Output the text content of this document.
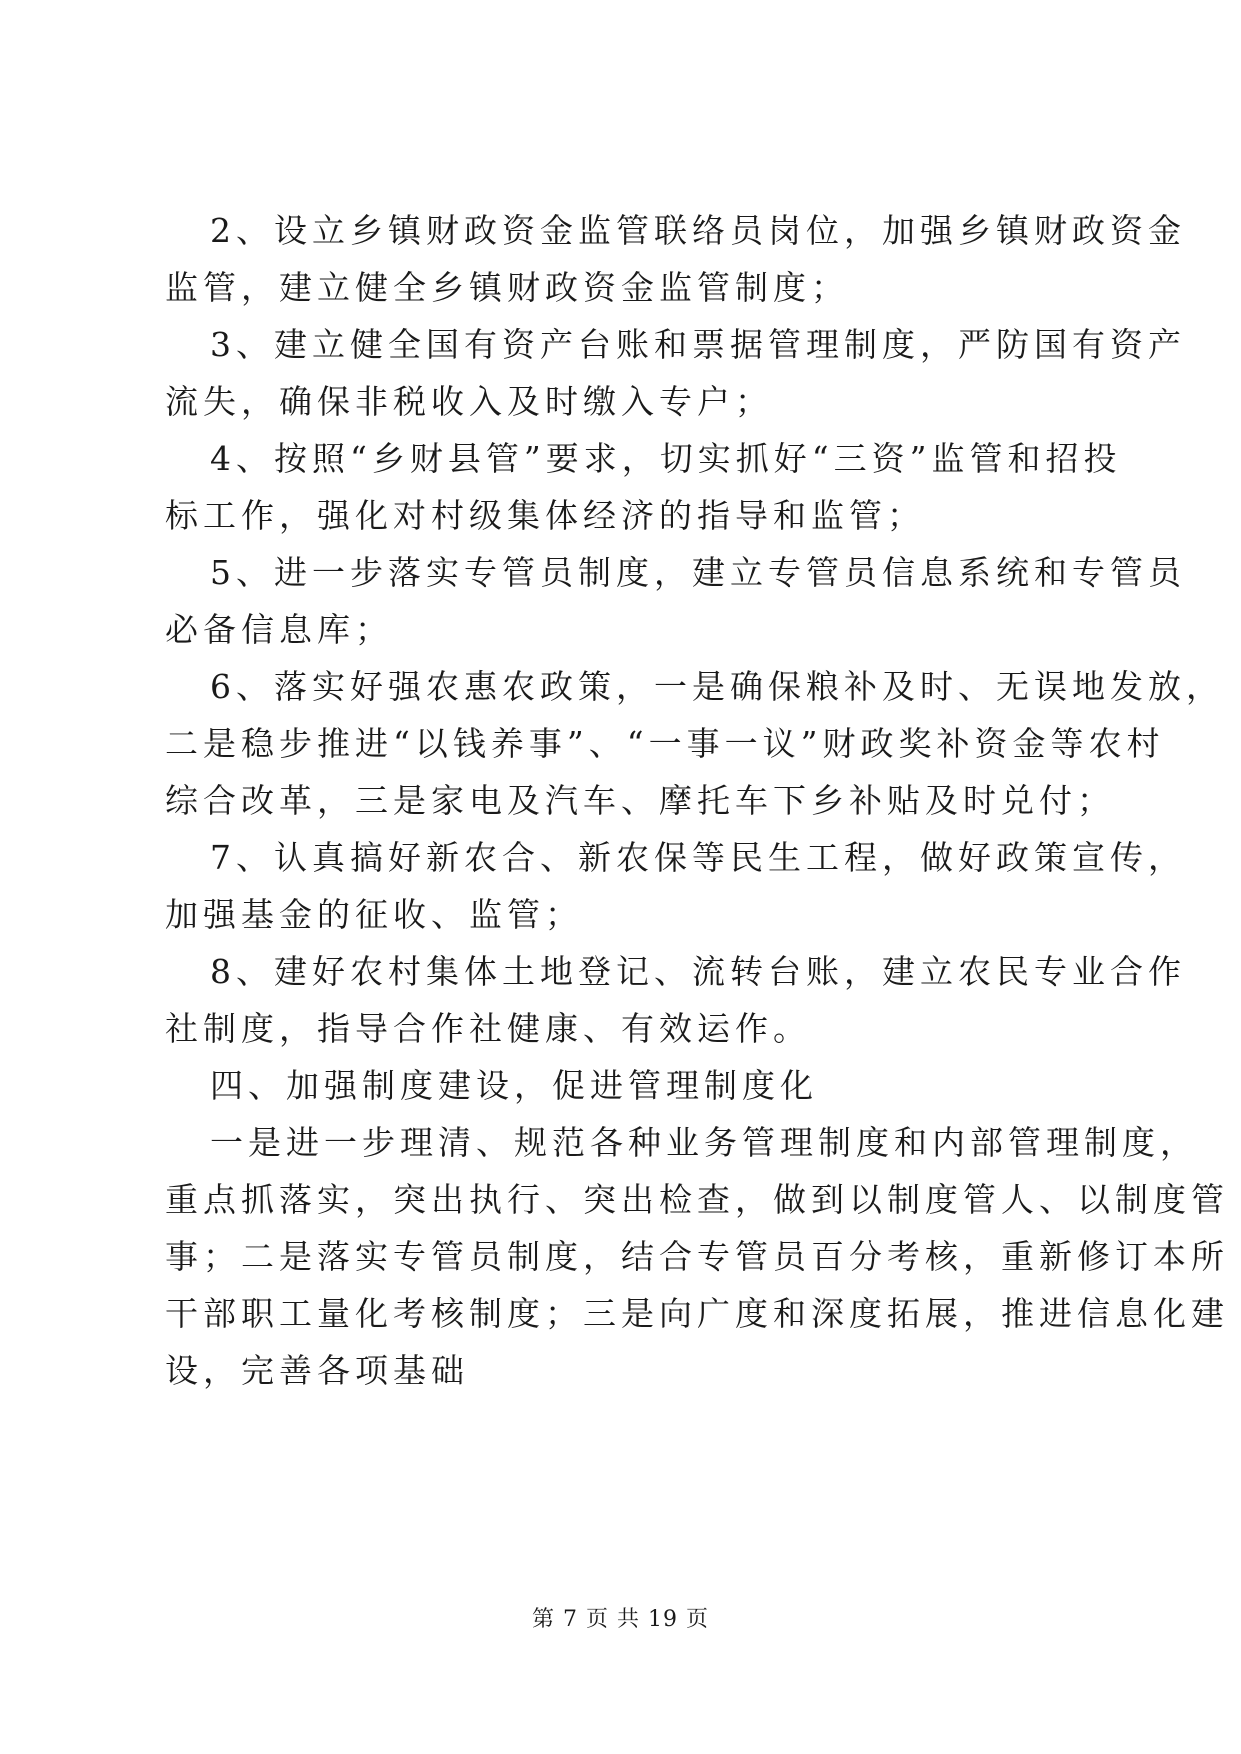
2、设立乡镇财政资金监管联络员岗位，加强乡镇财政资金
监管，建立健全乡镇财政资金监管制度；
3、建立健全国有资产台账和票据管理制度，严防国有资产
流失，确保非税收入及时缴入专户；
4、按照“乡财县管”要求，切实抓好“三资”监管和招投
标工作，强化对村级集体经济的指导和监管；
5、进一步落实专管员制度，建立专管员信息系统和专管员
必备信息库；
6、落实好强农惠农政策，一是确保粮补及时、无误地发放，
二是稳步推进“以钱养事”、“一事一议”财政奖补资金等农村
综合改革，三是家电及汽车、摩托车下乡补贴及时兑付；
7、认真搞好新农合、新农保等民生工程，做好政策宣传，
加强基金的征收、监管；
8、建好农村集体土地登记、流转台账，建立农民专业合作
社制度，指导合作社健康、有效运作。
四、加强制度建设，促进管理制度化
一是进一步理清、规范各种业务管理制度和内部管理制度，
重点抓落实，突出执行、突出检查，做到以制度管人、以制度管
事；二是落实专管员制度，结合专管员百分考核，重新修订本所
干部职工量化考核制度；三是向广度和深度拓展，推进信息化建
设，完善各项基础
第 7 页 共 19 页
